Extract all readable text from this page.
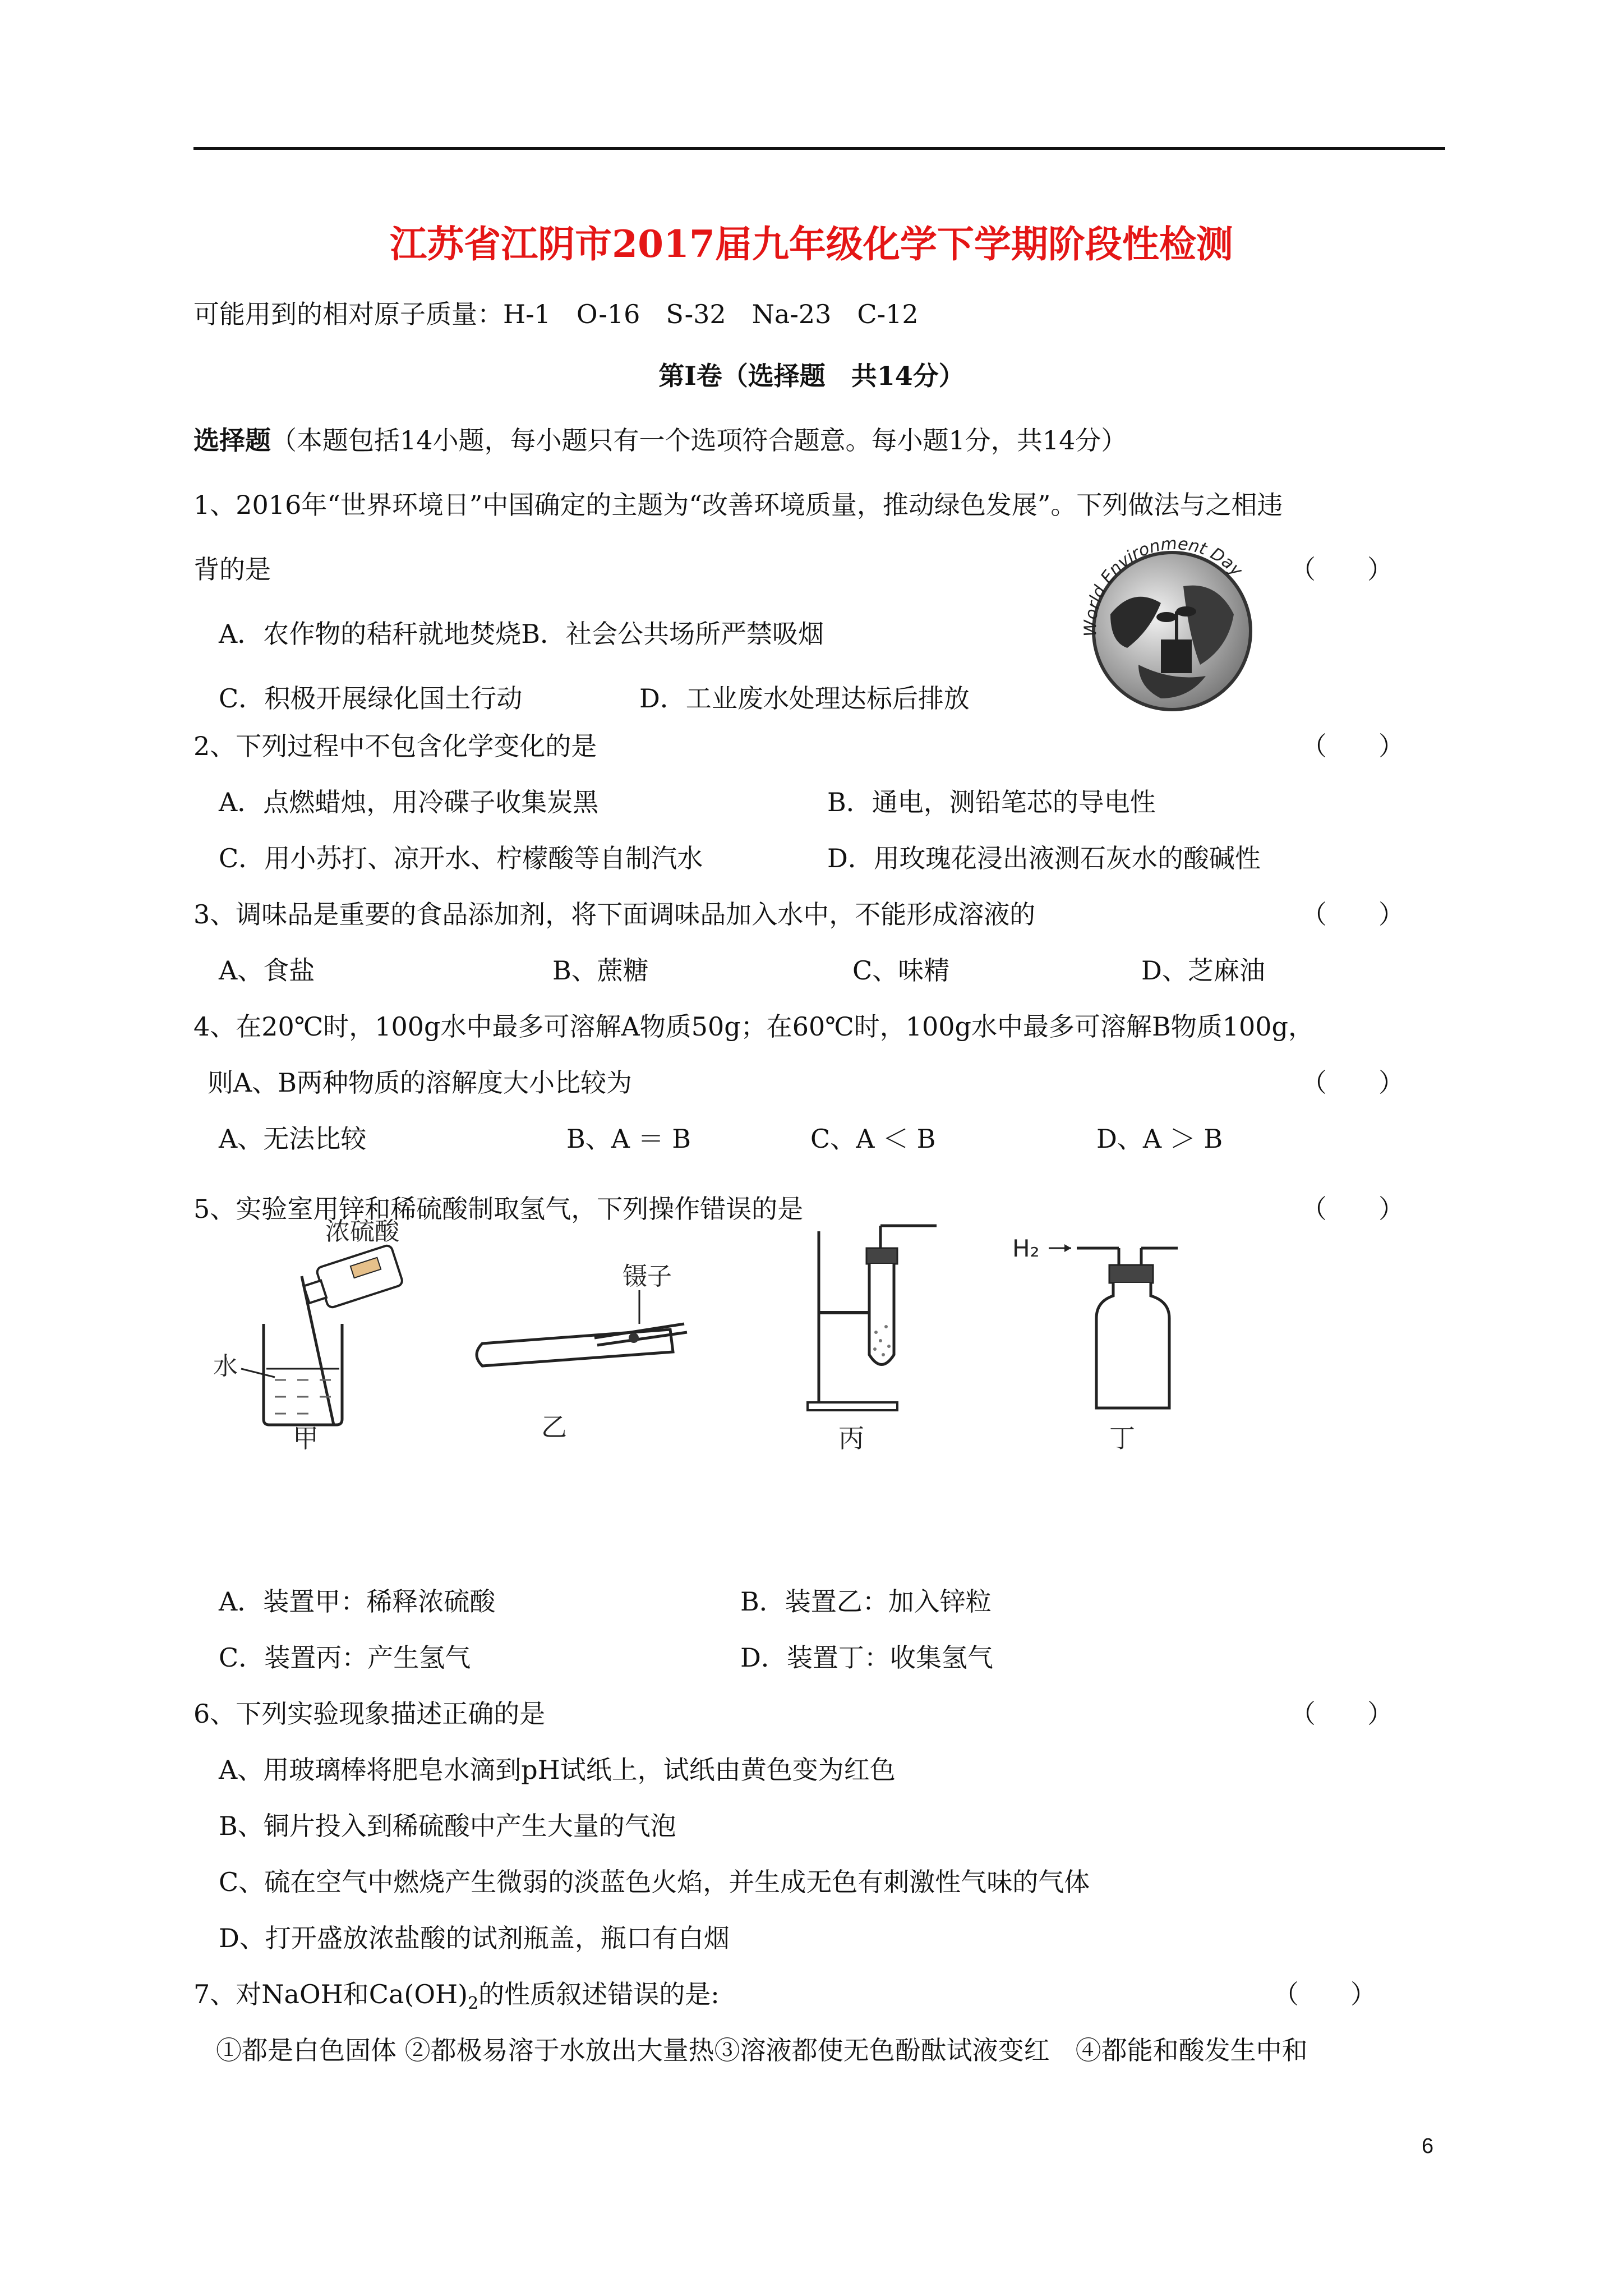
江苏省江阴市2017届九年级化学下学期阶段性检测
可能用到的相对原子质量：H-1　O-16　S-32　Na-23　C-12
第Ⅰ卷（选择题　共14分）
选择题（本题包括14小题，每小题只有一个选项符合题意。每小题1分，共14分）
1、2016年“世界环境日”中国确定的主题为“改善环境质量，推动绿色发展”。下列做法与之相违
背的是	（　　）
A．农作物的秸秆就地焚烧B．社会公共场所严禁吸烟
C．积极开展绿化国土行动	D．工业废水处理达标后排放
World Environment Day
2、下列过程中不包含化学变化的是	（　　）
A．点燃蜡烛，用冷碟子收集炭黑	B．通电，测铅笔芯的导电性
C．用小苏打、凉开水、柠檬酸等自制汽水	D．用玫瑰花浸出液测石灰水的酸碱性
3、调味品是重要的食品添加剂，将下面调味品加入水中，不能形成溶液的	（　　）
A、食盐	B、蔗糖	C、味精	D、芝麻油
4、在20℃时，100g水中最多可溶解A物质50g；在60℃时，100g水中最多可溶解B物质100g，
则A、B两种物质的溶解度大小比较为	（　　）
A、无法比较	B、A ＝ B	C、A ＜ B	D、A ＞ B
5、实验室用锌和稀硫酸制取氢气，下列操作错误的是	（　　）
浓硫酸
水
甲
镊子
乙	丙
H₂
丁
A．装置甲：稀释浓硫酸	B．装置乙：加入锌粒
C．装置丙：产生氢气	D．装置丁：收集氢气
6、下列实验现象描述正确的是	（　　）
A、用玻璃棒将肥皂水滴到pH试纸上，试纸由黄色变为红色
B、铜片投入到稀硫酸中产生大量的气泡
C、硫在空气中燃烧产生微弱的淡蓝色火焰，并生成无色有刺激性气味的气体
D、打开盛放浓盐酸的试剂瓶盖，瓶口有白烟
7、对NaOH和$Ca(OH)_2$的性质叙述错误的是:	（　　）
①都是白色固体 ②都极易溶于水放出大量热③溶液都使无色酚酞试液变红　④都能和酸发生中和
6
